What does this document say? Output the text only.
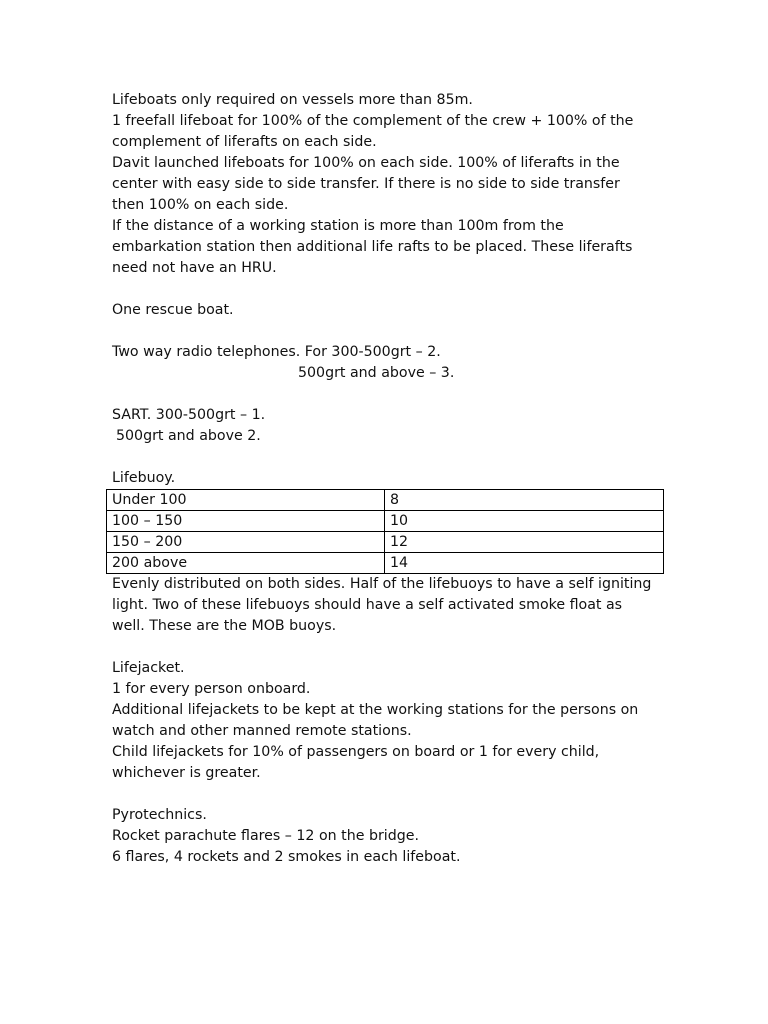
Lifeboats only required on vessels more than 85m.
1 freefall lifeboat for 100% of the complement of the crew + 100% of the
complement of liferafts on each side.
Davit launched lifeboats for 100% on each side. 100% of liferafts in the
center with easy side to side transfer. If there is no side to side transfer
then 100% on each side.
If the distance of a working station is more than 100m from the
embarkation station then additional life rafts to be placed. These liferafts
need not have an HRU.
One rescue boat.
Two way radio telephones. For 300-500grt – 2.
500grt and above – 3.
SART. 300-500grt – 1.
500grt and above 2.
Lifebuoy.
Under 100	8
100 – 150	10
150 – 200	12
200 above	14
Evenly distributed on both sides. Half of the lifebuoys to have a self igniting
light. Two of these lifebuoys should have a self activated smoke float as
well. These are the MOB buoys.
Lifejacket.
1 for every person onboard.
Additional lifejackets to be kept at the working stations for the persons on
watch and other manned remote stations.
Child lifejackets for 10% of passengers on board or 1 for every child,
whichever is greater.
Pyrotechnics.
Rocket parachute flares – 12 on the bridge.
6 flares, 4 rockets and 2 smokes in each lifeboat.
